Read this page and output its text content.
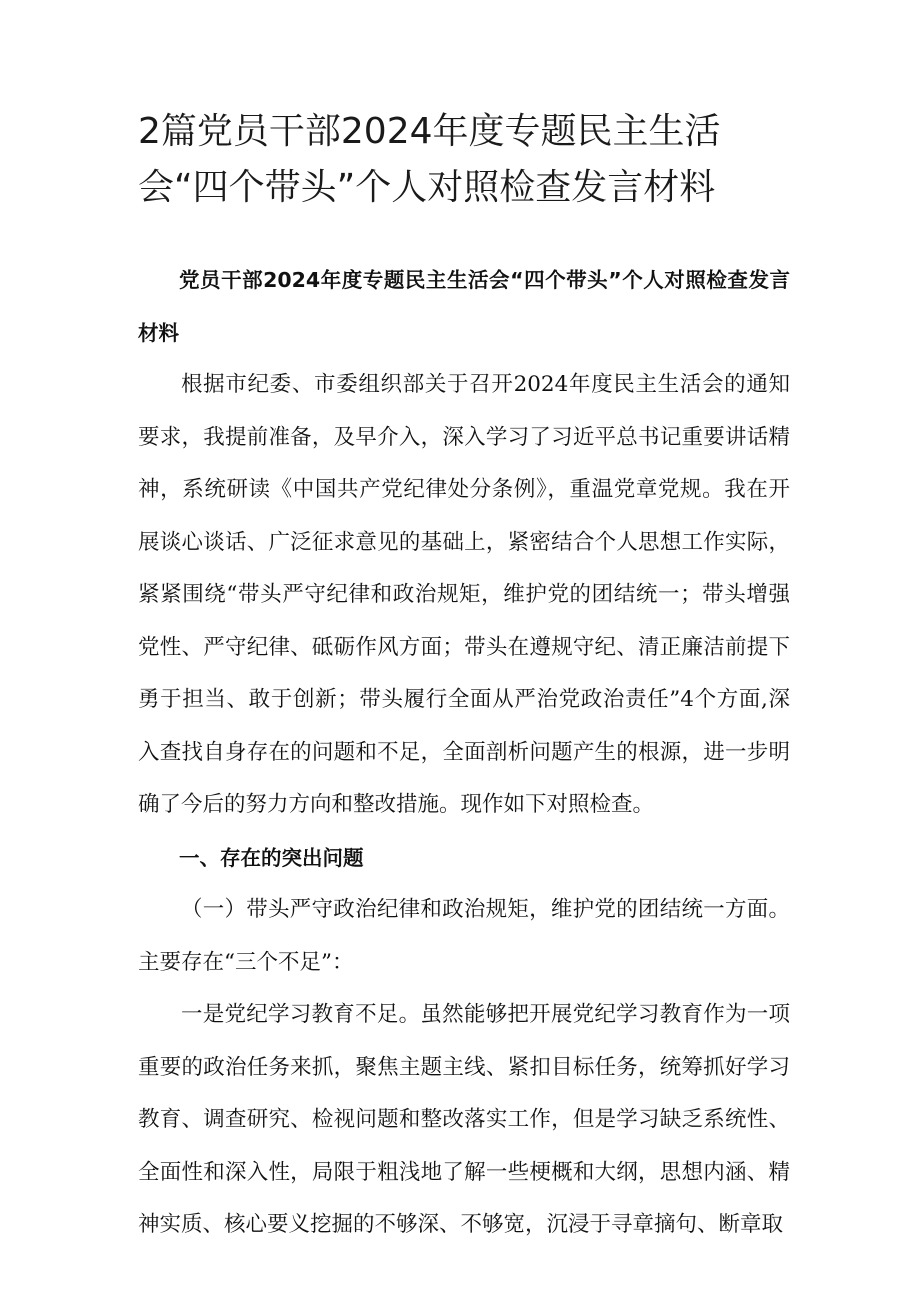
2篇党员干部2024年度专题民主生活会“四个带头”个人对照检查发言材料

党员干部2024年度专题民主生活会“四个带头”个人对照检查发言材料

根据市纪委、市委组织部关于召开2024年度民主生活会的通知要求，我提前准备，及早介入，深入学习了习近平总书记重要讲话精神，系统研读《中国共产党纪律处分条例》，重温党章党规。我在开展谈心谈话、广泛征求意见的基础上，紧密结合个人思想工作实际，紧紧围绕“带头严守纪律和政治规矩，维护党的团结统一；带头增强党性、严守纪律、砥砺作风方面；带头在遵规守纪、清正廉洁前提下勇于担当、敢于创新；带头履行全面从严治党政治责任”4个方面,深入查找自身存在的问题和不足，全面剖析问题产生的根源，进一步明确了今后的努力方向和整改措施。现作如下对照检查。

一、存在的突出问题

（一）带头严守政治纪律和政治规矩，维护党的团结统一方面。主要存在“三个不足”：

一是党纪学习教育不足。虽然能够把开展党纪学习教育作为一项重要的政治任务来抓，聚焦主题主线、紧扣目标任务，统筹抓好学习教育、调查研究、检视问题和整改落实工作，但是学习缺乏系统性、全面性和深入性，局限于粗浅地了解一些梗概和大纲，思想内涵、精神实质、核心要义挖掘的不够深、不够宽，沉浸于寻章摘句、断章取
